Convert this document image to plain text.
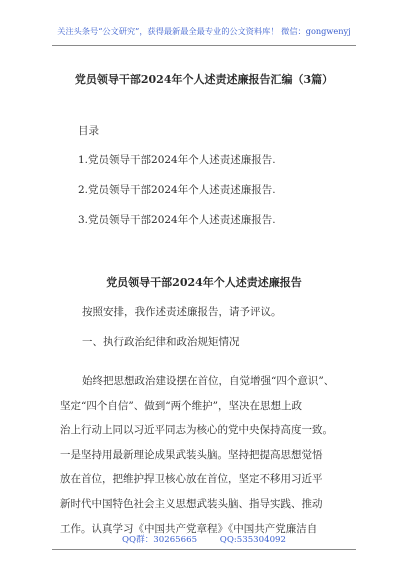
关注头条号“公文研究”，获得最新最全最专业的公文资料库！ 微信：gongwenyj
党员领导干部2024年个人述责述廉报告汇编（3篇）
目录
1.党员领导干部2024年个人述责述廉报告.
2.党员领导干部2024年个人述责述廉报告.
3.党员领导干部2024年个人述责述廉报告.
党员领导干部2024年个人述责述廉报告
按照安排，我作述责述廉报告，请予评议。
一、执行政治纪律和政治规矩情况
始终把思想政治建设摆在首位，自觉增强“四个意识”、
坚定“四个自信”、做到“两个维护”，坚决在思想上政
治上行动上同以习近平同志为核心的党中央保持高度一致。
一是坚持用最新理论成果武装头脑。坚持把提高思想觉悟
放在首位，把维护捍卫核心放在首位，坚定不移用习近平
新时代中国特色社会主义思想武装头脑、指导实践、推动
工作。认真学习《中国共产党章程》《中国共产党廉洁自
QQ群：30265665	QQ:535304092
